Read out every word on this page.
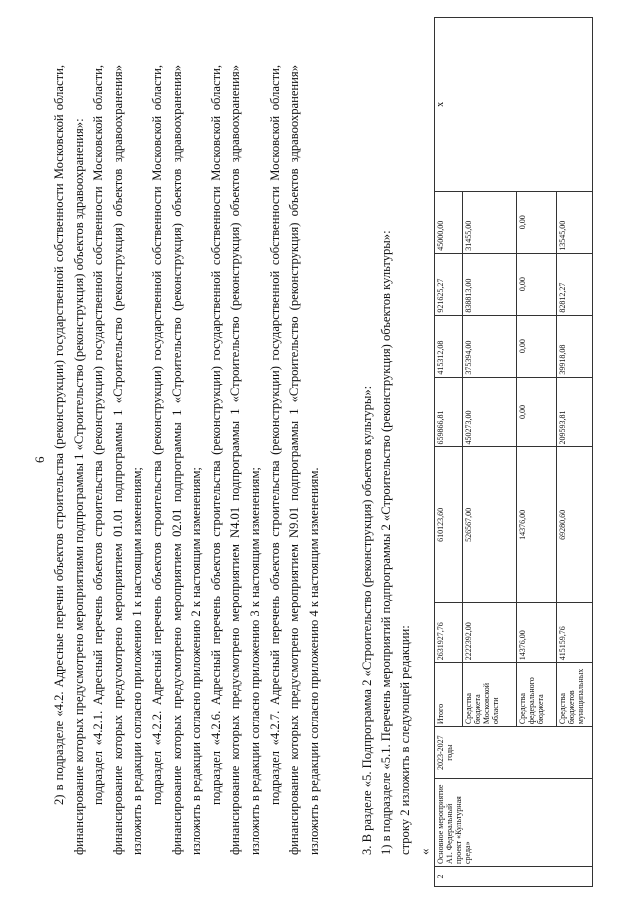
6 2) в подразделе «4.2. Адресные перечни объектов строительства (реконструкции) государственной собственности Московской области, финансирование которых предусмотрено мероприятиями подпрограммы 1 «Строительство (реконструкция) объектов здравоохранения»: подраздел «4.2.1. Адресный перечень объектов строительства (реконструкции) государственной собственности Московской области, финансирование которых предусмотрено мероприятием 01.01 подпрограммы 1 «Строительство (реконструкция) объектов здравоохранения» изложить в редакции согласно приложению 1 к настоящим изменениям; подраздел «4.2.2. Адресный перечень объектов строительства (реконструкции) государственной собственности Московской области, финансирование которых предусмотрено мероприятием 02.01 подпрограммы 1 «Строительство (реконструкция) объектов здравоохранения» изложить в редакции согласно приложению 2 к настоящим изменениям; подраздел «4.2.6. Адресный перечень объектов строительства (реконструкции) государственной собственности Московской области, финансирование которых предусмотрено мероприятием N4.01 подпрограммы 1 «Строительство (реконструкция) объектов здравоохранения» изложить в редакции согласно приложению 3 к настоящим изменениям; подраздел «4.2.7. Адресный перечень объектов строительства (реконструкции) государственной собственности Московской области, финансирование которых предусмотрено мероприятием N9.01 подпрограммы 1 «Строительство (реконструкция) объектов здравоохранения» изложить в редакции согласно приложению 4 к настоящим изменениям.	3. В разделе «5. Подпрограмма 2 «Строительство (реконструкция) объектов культуры»: 1) в подразделе «5.1. Перечень мероприятий подпрограммы 2 «Строительство (реконструкция) объектов культуры»: строку 2 изложить в следующей редакции: «
2	Основное мероприятие А1. Федеральный проект «Культурная среда»	2023-2027 годы	Итого	2631927,76	610123,60	659866,81	415312,08	921625,27	45000,00	х
			Средства бюджета Московской области	2222392,00	526567,00	450273,00	375394,00	838813,00	31455,00	
			Средства федерального бюджета	14376,00	14376,00	0,00	0,00	0,00	0,00	
			Средства бюджетов муниципальных	415159,76	69280,60	209593,81	39918,08	82812,27	13545,00	
